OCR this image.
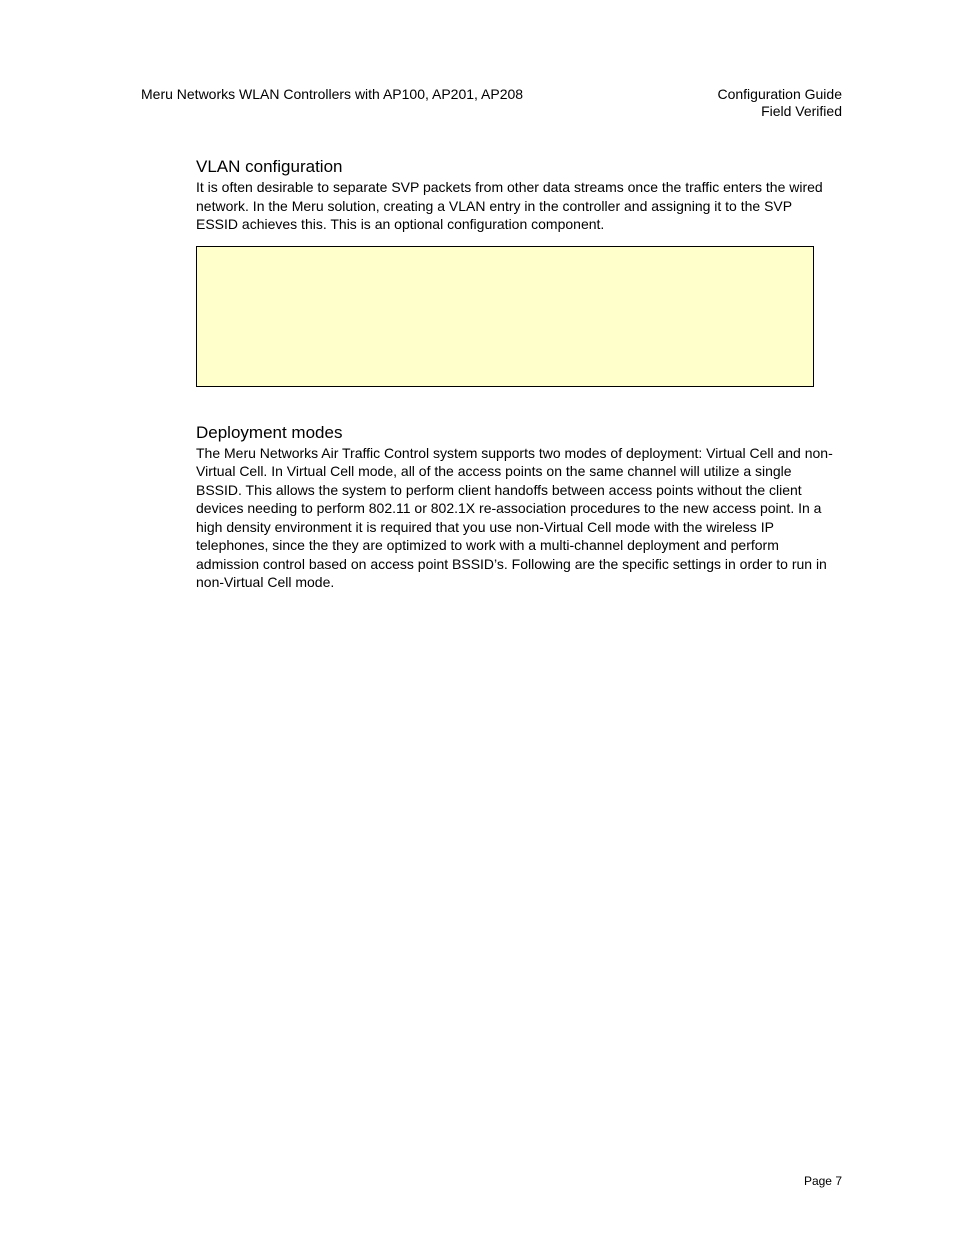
Meru Networks WLAN Controllers with AP100, AP201, AP208	Configuration Guide
Field Verified
VLAN configuration

It is often desirable to separate SVP packets from other data streams once the traffic enters the wired network. In the Meru solution, creating a VLAN entry in the controller and assigning it to the SVP ESSID achieves this. This is an optional configuration component.

Deployment modes

The Meru Networks Air Traffic Control system supports two modes of deployment: Virtual Cell and non-Virtual Cell. In Virtual Cell mode, all of the access points on the same channel will utilize a single BSSID. This allows the system to perform client handoffs between access points without the client devices needing to perform 802.11 or 802.1X re-association procedures to the new access point. In a high density environment it is required that you use non-Virtual Cell mode with the wireless IP telephones, since the they are optimized to work with a multi-channel deployment and perform admission control based on access point BSSID’s. Following are the specific settings in order to run in non-Virtual Cell mode.

Page 7
